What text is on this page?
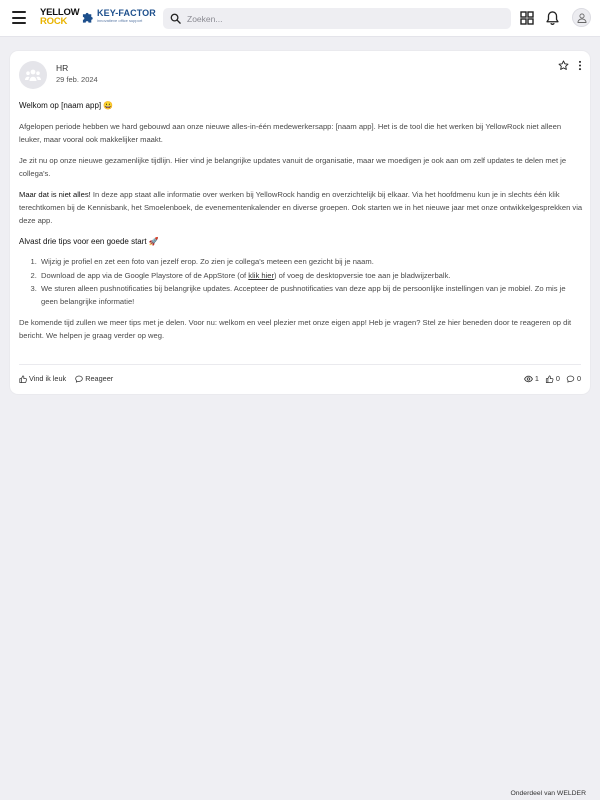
YELLOW
ROCK
KEY-FACTOR
innovatieve office support
Zoeken...
HR
29 feb. 2024

Welkom op [naam app] 😀

Afgelopen periode hebben we hard gebouwd aan onze nieuwe alles-in-één medewerkersapp: [naam app]. Het is de tool die het werken bij YellowRock niet alleen leuker, maar vooral ook makkelijker maakt.

Je zit nu op onze nieuwe gezamenlijke tijdlijn. Hier vind je belangrijke updates vanuit de organisatie, maar we moedigen je ook aan om zelf updates te delen met je collega's.

Maar dat is niet alles! In deze app staat alle informatie over werken bij YellowRock handig en overzichtelijk bij elkaar. Via het hoofdmenu kun je in slechts één klik terechtkomen bij de Kennisbank, het Smoelenboek, de evenementenkalender en diverse groepen. Ook starten we in het nieuwe jaar met onze ontwikkelgesprekken via deze app.

Alvast drie tips voor een goede start 🚀

1. Wijzig je profiel en zet een foto van jezelf erop. Zo zien je collega's meteen een gezicht bij je naam.
2. Download de app via de Google Playstore of de AppStore (of klik hier) of voeg de desktopversie toe aan je bladwijzerbalk.
3. We sturen alleen pushnotificaties bij belangrijke updates. Accepteer de pushnotificaties van deze app bij de persoonlijke instellingen van je mobiel. Zo mis je geen belangrijke informatie!

De komende tijd zullen we meer tips met je delen. Voor nu: welkom en veel plezier met onze eigen app! Heb je vragen? Stel ze hier beneden door te reageren op dit bericht. We helpen je graag verder op weg.

Vind ik leuk	Reageer	1 0 0
Onderdeel van WELDER
